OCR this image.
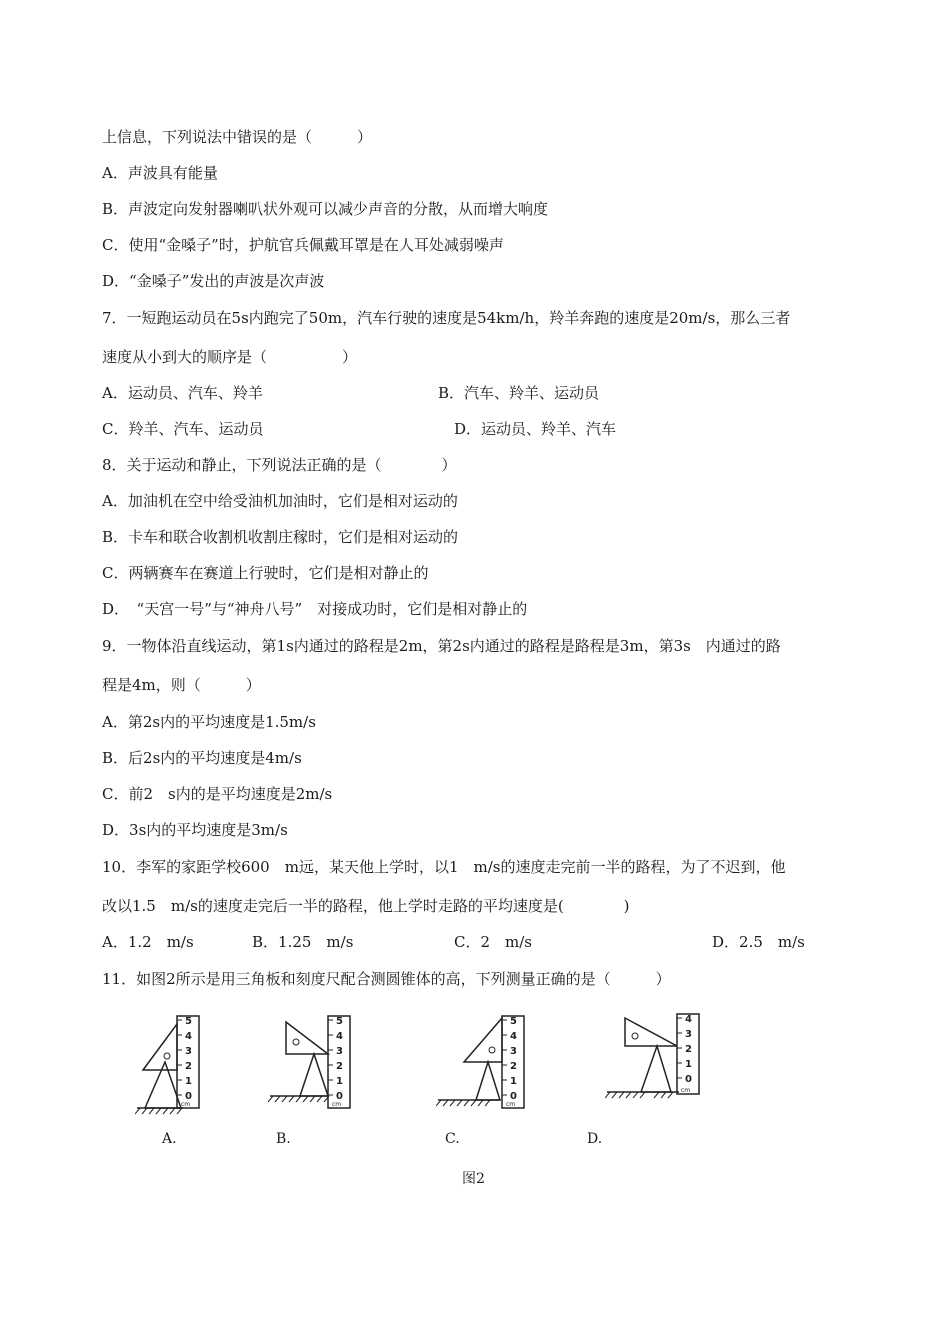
上信息，下列说法中错误的是（　　　）
A．声波具有能量
B．声波定向发射器喇叭状外观可以减少声音的分散，从而增大响度
C．使用“金嗓子”时，护航官兵佩戴耳罩是在人耳处减弱噪声
D．“金嗓子”发出的声波是次声波
7．一短跑运动员在5s内跑完了50m，汽车行驶的速度是54km/h，羚羊奔跑的速度是20m/s，那么三者
速度从小到大的顺序是（　　　　　）
8．关于运动和静止，下列说法正确的是（　　　　）
A．加油机在空中给受油机加油时，它们是相对运动的
B．卡车和联合收割机收割庄稼时，它们是相对运动的
C．两辆赛车在赛道上行驶时，它们是相对静止的
D．　“天宫一号”与“神舟八号”　对接成功时，它们是相对静止的
9．一物体沿直线运动，第1s内通过的路程是2m，第2s内通过的路程是路程是3m，第3s　内通过的路
程是4m，则（　　　）
A．第2s内的平均速度是1.5m/s
B．后2s内的平均速度是4m/s
C．前2　s内的是平均速度是2m/s
D．3s内的平均速度是3m/s
10．李军的家距学校600　m远，某天他上学时，以1　m/s的速度走完前一半的路程，为了不迟到，他
改以1.5　m/s的速度走完后一半的路程，他上学时走路的平均速度是(　　　　)
11．如图2所示是用三角板和刻度尺配合测圆锥体的高，下列测量正确的是（　　　）
A．运动员、汽车、羚羊	B．汽车、羚羊、运动员
C．羚羊、汽车、运动员	D．运动员、羚羊、汽车
A．1.2　m/s	B．1.25　m/s	C．2　m/s	D．2.5　m/s
5
4
3
2
1
0
cm
5
4
3
2
1
0
cm
5
4
3
2
1
0
cm
4
3
2
1
0
cm
A.	B.	C.	D.
图2
